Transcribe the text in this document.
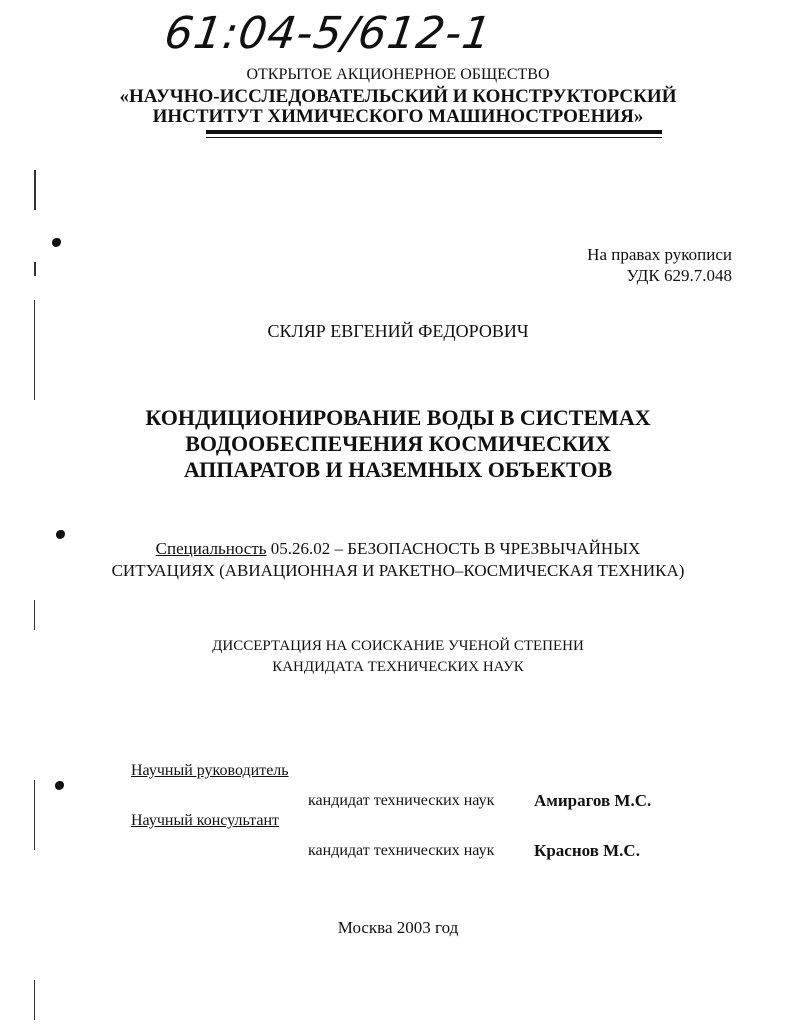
61:04-5/612-1
ОТКРЫТОЕ АКЦИОНЕРНОЕ ОБЩЕСТВО
«НАУЧНО-ИССЛЕДОВАТЕЛЬСКИЙ И КОНСТРУКТОРСКИЙ
ИНСТИТУТ ХИМИЧЕСКОГО МАШИНОСТРОЕНИЯ»
На правах рукописи
УДК 629.7.048
СКЛЯР ЕВГЕНИЙ ФЕДОРОВИЧ
КОНДИЦИОНИРОВАНИЕ ВОДЫ В СИСТЕМАХ
ВОДООБЕСПЕЧЕНИЯ КОСМИЧЕСКИХ
АППАРАТОВ И НАЗЕМНЫХ ОБЪЕКТОВ
Специальность 05.26.02 – БЕЗОПАСНОСТЬ В ЧРЕЗВЫЧАЙНЫХ
СИТУАЦИЯХ (АВИАЦИОННАЯ И РАКЕТНО–КОСМИЧЕСКАЯ ТЕХНИКА)
ДИССЕРТАЦИЯ НА СОИСКАНИЕ УЧЕНОЙ СТЕПЕНИ
КАНДИДАТА ТЕХНИЧЕСКИХ НАУК
Научный руководитель
кандидат технических наук Амирагов М.С.
Научный консультант
кандидат технических наук Краснов М.С.
Москва 2003 год
